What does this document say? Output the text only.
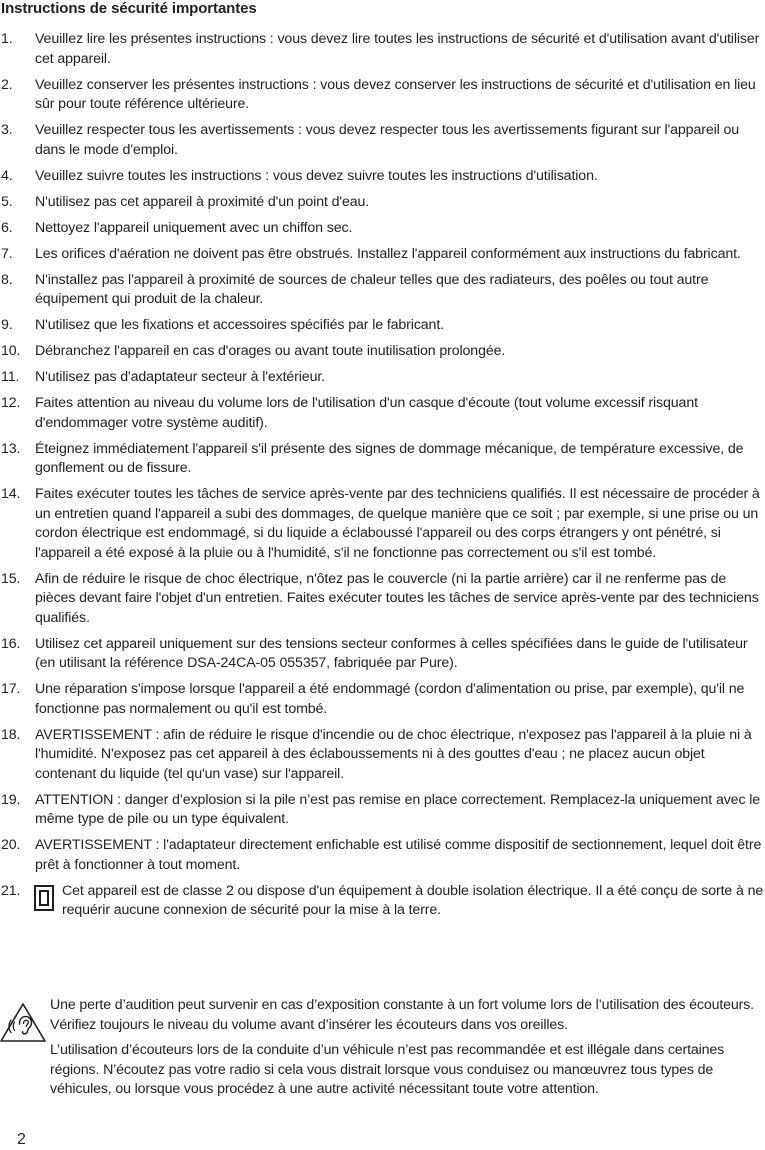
Instructions de sécurité importantes
1. Veuillez lire les présentes instructions : vous devez lire toutes les instructions de sécurité et d'utilisation avant d'utiliser cet appareil.
2. Veuillez conserver les présentes instructions : vous devez conserver les instructions de sécurité et d'utilisation en lieu sûr pour toute référence ultérieure.
3. Veuillez respecter tous les avertissements : vous devez respecter tous les avertissements figurant sur l'appareil ou dans le mode d'emploi.
4. Veuillez suivre toutes les instructions : vous devez suivre toutes les instructions d'utilisation.
5. N'utilisez pas cet appareil à proximité d'un point d'eau.
6. Nettoyez l'appareil uniquement avec un chiffon sec.
7. Les orifices d'aération ne doivent pas être obstrués. Installez l'appareil conformément aux instructions du fabricant.
8. N'installez pas l'appareil à proximité de sources de chaleur telles que des radiateurs, des poêles ou tout autre équipement qui produit de la chaleur.
9. N'utilisez que les fixations et accessoires spécifiés par le fabricant.
10. Débranchez l'appareil en cas d'orages ou avant toute inutilisation prolongée.
11. N'utilisez pas d'adaptateur secteur à l'extérieur.
12. Faites attention au niveau du volume lors de l'utilisation d'un casque d'écoute (tout volume excessif risquant d'endommager votre système auditif).
13. Éteignez immédiatement l'appareil s'il présente des signes de dommage mécanique, de température excessive, de gonflement ou de fissure.
14. Faites exécuter toutes les tâches de service après-vente par des techniciens qualifiés. Il est nécessaire de procéder à un entretien quand l'appareil a subi des dommages, de quelque manière que ce soit ; par exemple, si une prise ou un cordon électrique est endommagé, si du liquide a éclaboussé l'appareil ou des corps étrangers y ont pénétré, si l'appareil a été exposé à la pluie ou à l'humidité, s'il ne fonctionne pas correctement ou s'il est tombé.
15. Afin de réduire le risque de choc électrique, n'ôtez pas le couvercle (ni la partie arrière) car il ne renferme pas de pièces devant faire l'objet d'un entretien. Faites exécuter toutes les tâches de service après-vente par des techniciens qualifiés.
16. Utilisez cet appareil uniquement sur des tensions secteur conformes à celles spécifiées dans le guide de l'utilisateur (en utilisant la référence DSA-24CA-05 055357, fabriquée par Pure).
17. Une réparation s'impose lorsque l'appareil a été endommagé (cordon d'alimentation ou prise, par exemple), qu'il ne fonctionne pas normalement ou qu'il est tombé.
18. AVERTISSEMENT : afin de réduire le risque d'incendie ou de choc électrique, n'exposez pas l'appareil à la pluie ni à l'humidité. N'exposez pas cet appareil à des éclaboussements ni à des gouttes d'eau ; ne placez aucun objet contenant du liquide (tel qu'un vase) sur l'appareil.
19. ATTENTION : danger d’explosion si la pile n’est pas remise en place correctement. Remplacez-la uniquement avec le même type de pile ou un type équivalent.
20. AVERTISSEMENT : l'adaptateur directement enfichable est utilisé comme dispositif de sectionnement, lequel doit être prêt à fonctionner à tout moment.
21.	Cet appareil est de classe 2 ou dispose d'un équipement à double isolation électrique. Il a été conçu de sorte à ne requérir aucune connexion de sécurité pour la mise à la terre.

Une perte d’audition peut survenir en cas d’exposition constante à un fort volume lors de l’utilisation des écouteurs. Vérifiez toujours le niveau du volume avant d’insérer les écouteurs dans vos oreilles.

L’utilisation d’écouteurs lors de la conduite d’un véhicule n’est pas recommandée et est illégale dans certaines régions. N’écoutez pas votre radio si cela vous distrait lorsque vous conduisez ou manœuvrez tous types de véhicules, ou lorsque vous procédez à une autre activité nécessitant toute votre attention.

2
